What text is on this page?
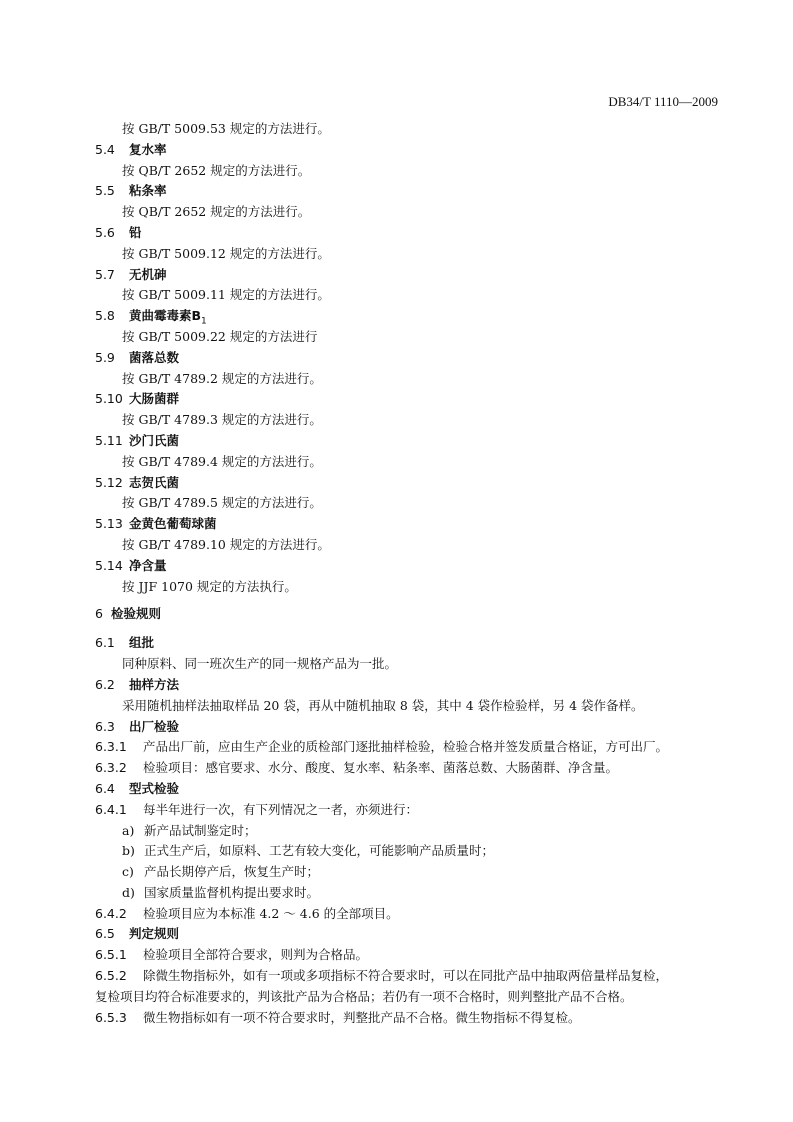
DB34/T 1110—2009
按 GB/T 5009.53 规定的方法进行。
5.4 复水率
按 QB/T 2652 规定的方法进行。
5.5 粘条率
按 QB/T 2652 规定的方法进行。
5.6 铅
按 GB/T 5009.12 规定的方法进行。
5.7 无机砷
按 GB/T 5009.11 规定的方法进行。
5.8 黄曲霉毒素$B_1$
按 GB/T 5009.22 规定的方法进行
5.9 菌落总数
按 GB/T 4789.2 规定的方法进行。
5.10 大肠菌群
按 GB/T 4789.3 规定的方法进行。
5.11 沙门氏菌
按 GB/T 4789.4 规定的方法进行。
5.12 志贺氏菌
按 GB/T 4789.5 规定的方法进行。
5.13 金黄色葡萄球菌
按 GB/T 4789.10 规定的方法进行。
5.14 净含量
按 JJF 1070 规定的方法执行。
6 检验规则
6.1 组批
同种原料、同一班次生产的同一规格产品为一批。
6.2 抽样方法
采用随机抽样法抽取样品 20 袋，再从中随机抽取 8 袋，其中 4 袋作检验样，另 4 袋作备样。
6.3 出厂检验
6.3.1 产品出厂前，应由生产企业的质检部门逐批抽样检验，检验合格并签发质量合格证，方可出厂。
6.3.2 检验项目：感官要求、水分、酸度、复水率、粘条率、菌落总数、大肠菌群、净含量。
6.4 型式检验
6.4.1 每半年进行一次，有下列情况之一者，亦须进行：
a) 新产品试制鉴定时；
b) 正式生产后，如原料、工艺有较大变化，可能影响产品质量时；
c) 产品长期停产后，恢复生产时；
d) 国家质量监督机构提出要求时。
6.4.2 检验项目应为本标准 4.2 ～ 4.6 的全部项目。
6.5 判定规则
6.5.1 检验项目全部符合要求，则判为合格品。
6.5.2 除微生物指标外，如有一项或多项指标不符合要求时，可以在同批产品中抽取两倍量样品复检，
复检项目均符合标准要求的，判该批产品为合格品；若仍有一项不合格时，则判整批产品不合格。
6.5.3 微生物指标如有一项不符合要求时，判整批产品不合格。微生物指标不得复检。
